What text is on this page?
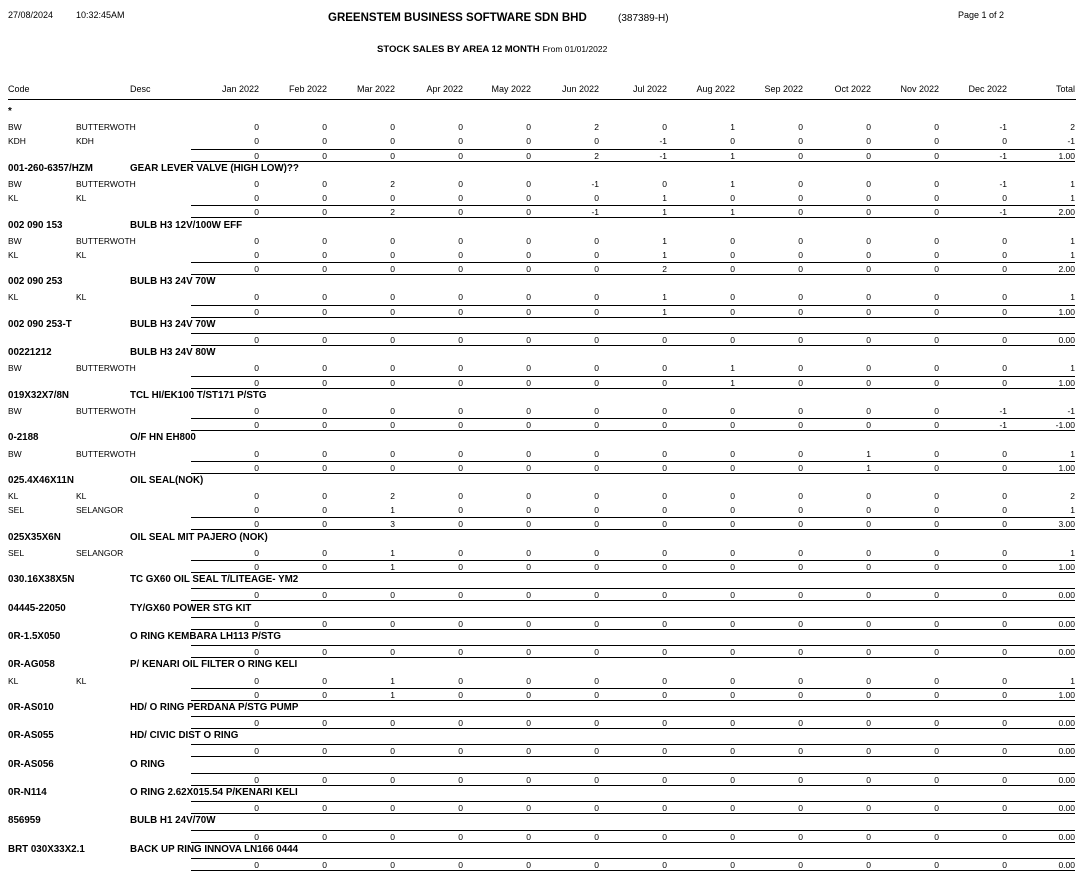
27/08/2024	10:32:45AM	GREENSTEM BUSINESS SOFTWARE SDN BHD	(387389-H)	Page 1 of 2
STOCK SALES BY AREA 12 MONTH From 01/01/2022
Code	Desc	Jan 2022	Feb 2022	Mar 2022	Apr 2022	May 2022	Jun 2022	Jul 2022	Aug 2022	Sep 2022	Oct 2022	Nov 2022	Dec 2022	Total
*
BW	BUTTERWOTH	0	0	0	0	0	2	0	1	0	0	0	-1	2
KDH	KDH	0	0	0	0	0	0	-1	0	0	0	0	0	-1
0	0	0	0	0	2	-1	1	0	0	0	-1	1.00
001-260-6357/HZM	GEAR LEVER VALVE (HIGH LOW)??
BW	BUTTERWOTH	0	0	2	0	0	-1	0	1	0	0	0	-1	1
KL	KL	0	0	0	0	0	0	1	0	0	0	0	0	1
0	0	2	0	0	-1	1	1	0	0	0	-1	2.00
002 090 153	BULB H3 12V/100W EFF
BW	BUTTERWOTH	0	0	0	0	0	0	1	0	0	0	0	0	1
KL	KL	0	0	0	0	0	0	1	0	0	0	0	0	1
0	0	0	0	0	0	2	0	0	0	0	0	2.00
002 090 253	BULB H3 24V 70W
KL	KL	0	0	0	0	0	0	1	0	0	0	0	0	1
0	0	0	0	0	0	1	0	0	0	0	0	1.00
002 090 253-T	BULB H3 24V 70W
0	0	0	0	0	0	0	0	0	0	0	0	0.00
00221212	BULB H3 24V 80W
BW	BUTTERWOTH	0	0	0	0	0	0	0	1	0	0	0	0	1
0	0	0	0	0	0	0	1	0	0	0	0	1.00
019X32X7/8N	TCL HI/EK100 T/ST171 P/STG
BW	BUTTERWOTH	0	0	0	0	0	0	0	0	0	0	0	-1	-1
0	0	0	0	0	0	0	0	0	0	0	-1	-1.00
0-2188	O/F HN EH800
BW	BUTTERWOTH	0	0	0	0	0	0	0	0	0	1	0	0	1
0	0	0	0	0	0	0	0	0	1	0	0	1.00
025.4X46X11N	OIL SEAL(NOK)
KL	KL	0	0	2	0	0	0	0	0	0	0	0	0	2
SEL	SELANGOR	0	0	1	0	0	0	0	0	0	0	0	0	1
0	0	3	0	0	0	0	0	0	0	0	0	3.00
025X35X6N	OIL SEAL MIT PAJERO (NOK)
SEL	SELANGOR	0	0	1	0	0	0	0	0	0	0	0	0	1
0	0	1	0	0	0	0	0	0	0	0	0	1.00
030.16X38X5N	TC GX60 OIL SEAL T/LITEAGE- YM2
0	0	0	0	0	0	0	0	0	0	0	0	0.00
04445-22050	TY/GX60 POWER STG KIT
0	0	0	0	0	0	0	0	0	0	0	0	0.00
0R-1.5X050	O RING KEMBARA LH113 P/STG
0	0	0	0	0	0	0	0	0	0	0	0	0.00
0R-AG058	P/ KENARI OIL FILTER O RING KELI
KL	KL	0	0	1	0	0	0	0	0	0	0	0	0	1
0	0	1	0	0	0	0	0	0	0	0	0	1.00
0R-AS010	HD/ O RING PERDANA P/STG PUMP
0	0	0	0	0	0	0	0	0	0	0	0	0.00
0R-AS055	HD/ CIVIC DIST O RING
0	0	0	0	0	0	0	0	0	0	0	0	0.00
0R-AS056	O RING
0	0	0	0	0	0	0	0	0	0	0	0	0.00
0R-N114	O RING 2.62X015.54 P/KENARI KELI
0	0	0	0	0	0	0	0	0	0	0	0	0.00
856959	BULB H1 24V/70W
0	0	0	0	0	0	0	0	0	0	0	0	0.00
BRT 030X33X2.1	BACK UP RING INNOVA LN166 0444
0	0	0	0	0	0	0	0	0	0	0	0	0.00
